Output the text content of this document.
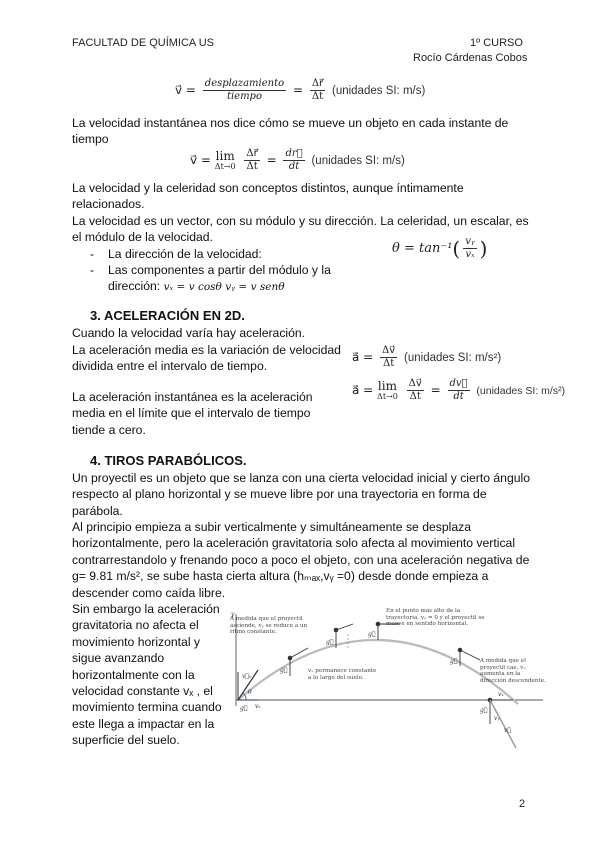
FACULTAD DE QUÍMICA US	1º CURSO
Rocío Cárdenas Cobos
v⃗ = $\frac{\text{desplazamiento}}{\text{tiempo}} = \frac{\Delta r⃗}{\Delta t}$ (unidades SI: m/s)
La velocidad instantánea nos dice cómo se mueve un objeto en cada instante de tiempo
v⃗ = lim
Δt→0
$\frac{\Delta r⃗}{\Delta t} = \frac{dr⃗}{dt}$ (unidades SI: m/s)
La velocidad y la celeridad son conceptos distintos, aunque íntimamente relacionados.
La velocidad es un vector, con su módulo y su dirección. La celeridad, un escalar, es el módulo de la velocidad.
- La dirección de la velocidad:
- Las componentes a partir del módulo y la
dirección: vₓ = v cosθ vᵧ = v senθ
$\theta = \tan^{-1}( \frac{\text{vᵧ}}{\text{vₓ}}$ )
3. ACELERACIÓN EN 2D.
Cuando la velocidad varía hay aceleración.
La aceleración media es la variación de velocidad dividida entre el intervalo de tiempo.
La aceleración instantánea es la aceleración media en el límite que el intervalo de tiempo tiende a cero.
a⃗ = $\frac{\Delta v⃗}{\Delta t}$ (unidades SI: m/s²)
a⃗ = lim
Δt→0
$\frac{\Delta v⃗}{\Delta t} = \frac{dv⃗}{dt}$ (unidades SI: m/s²)
4. TIROS PARABÓLICOS.
Un proyectil es un objeto que se lanza con una cierta velocidad inicial y cierto ángulo respecto al plano horizontal y se mueve libre por una trayectoria en forma de parábola.
Al principio empieza a subir verticalmente y simultáneamente se desplaza horizontalmente, pero la aceleración gravitatoria solo afecta al movimiento vertical contrarrestandolo y frenando poco a poco el objeto, con una aceleración negativa de g= 9.81 m/s², se sube hasta cierta altura (hₘₐₓ,vᵧ =0) desde donde empieza a descender como caída libre.
Sin embargo la aceleración gravitatoria no afecta el movimiento horizontal y sigue avanzando horizontalmente con la velocidad constante vₓ , el movimiento termina cuando este llega a impactar en la superficie del suelo.
y
v⃗₀
θ
vₓ
g⃗
g⃗
g⃗
g⃗
g⃗
vₓ
vᵧ
g⃗
v⃗
A medida que el proyectil asciende, vᵧ se reduce a un ritmo constante.
vₓ permanece constante a lo largo del suelo.
En el punto más alto de la trayectoria, vᵧ = 0 y el proyectil se mueve en sentido horizontal.
A medida que el proyectil cae, vᵧ aumenta en la dirección descendente.
2
